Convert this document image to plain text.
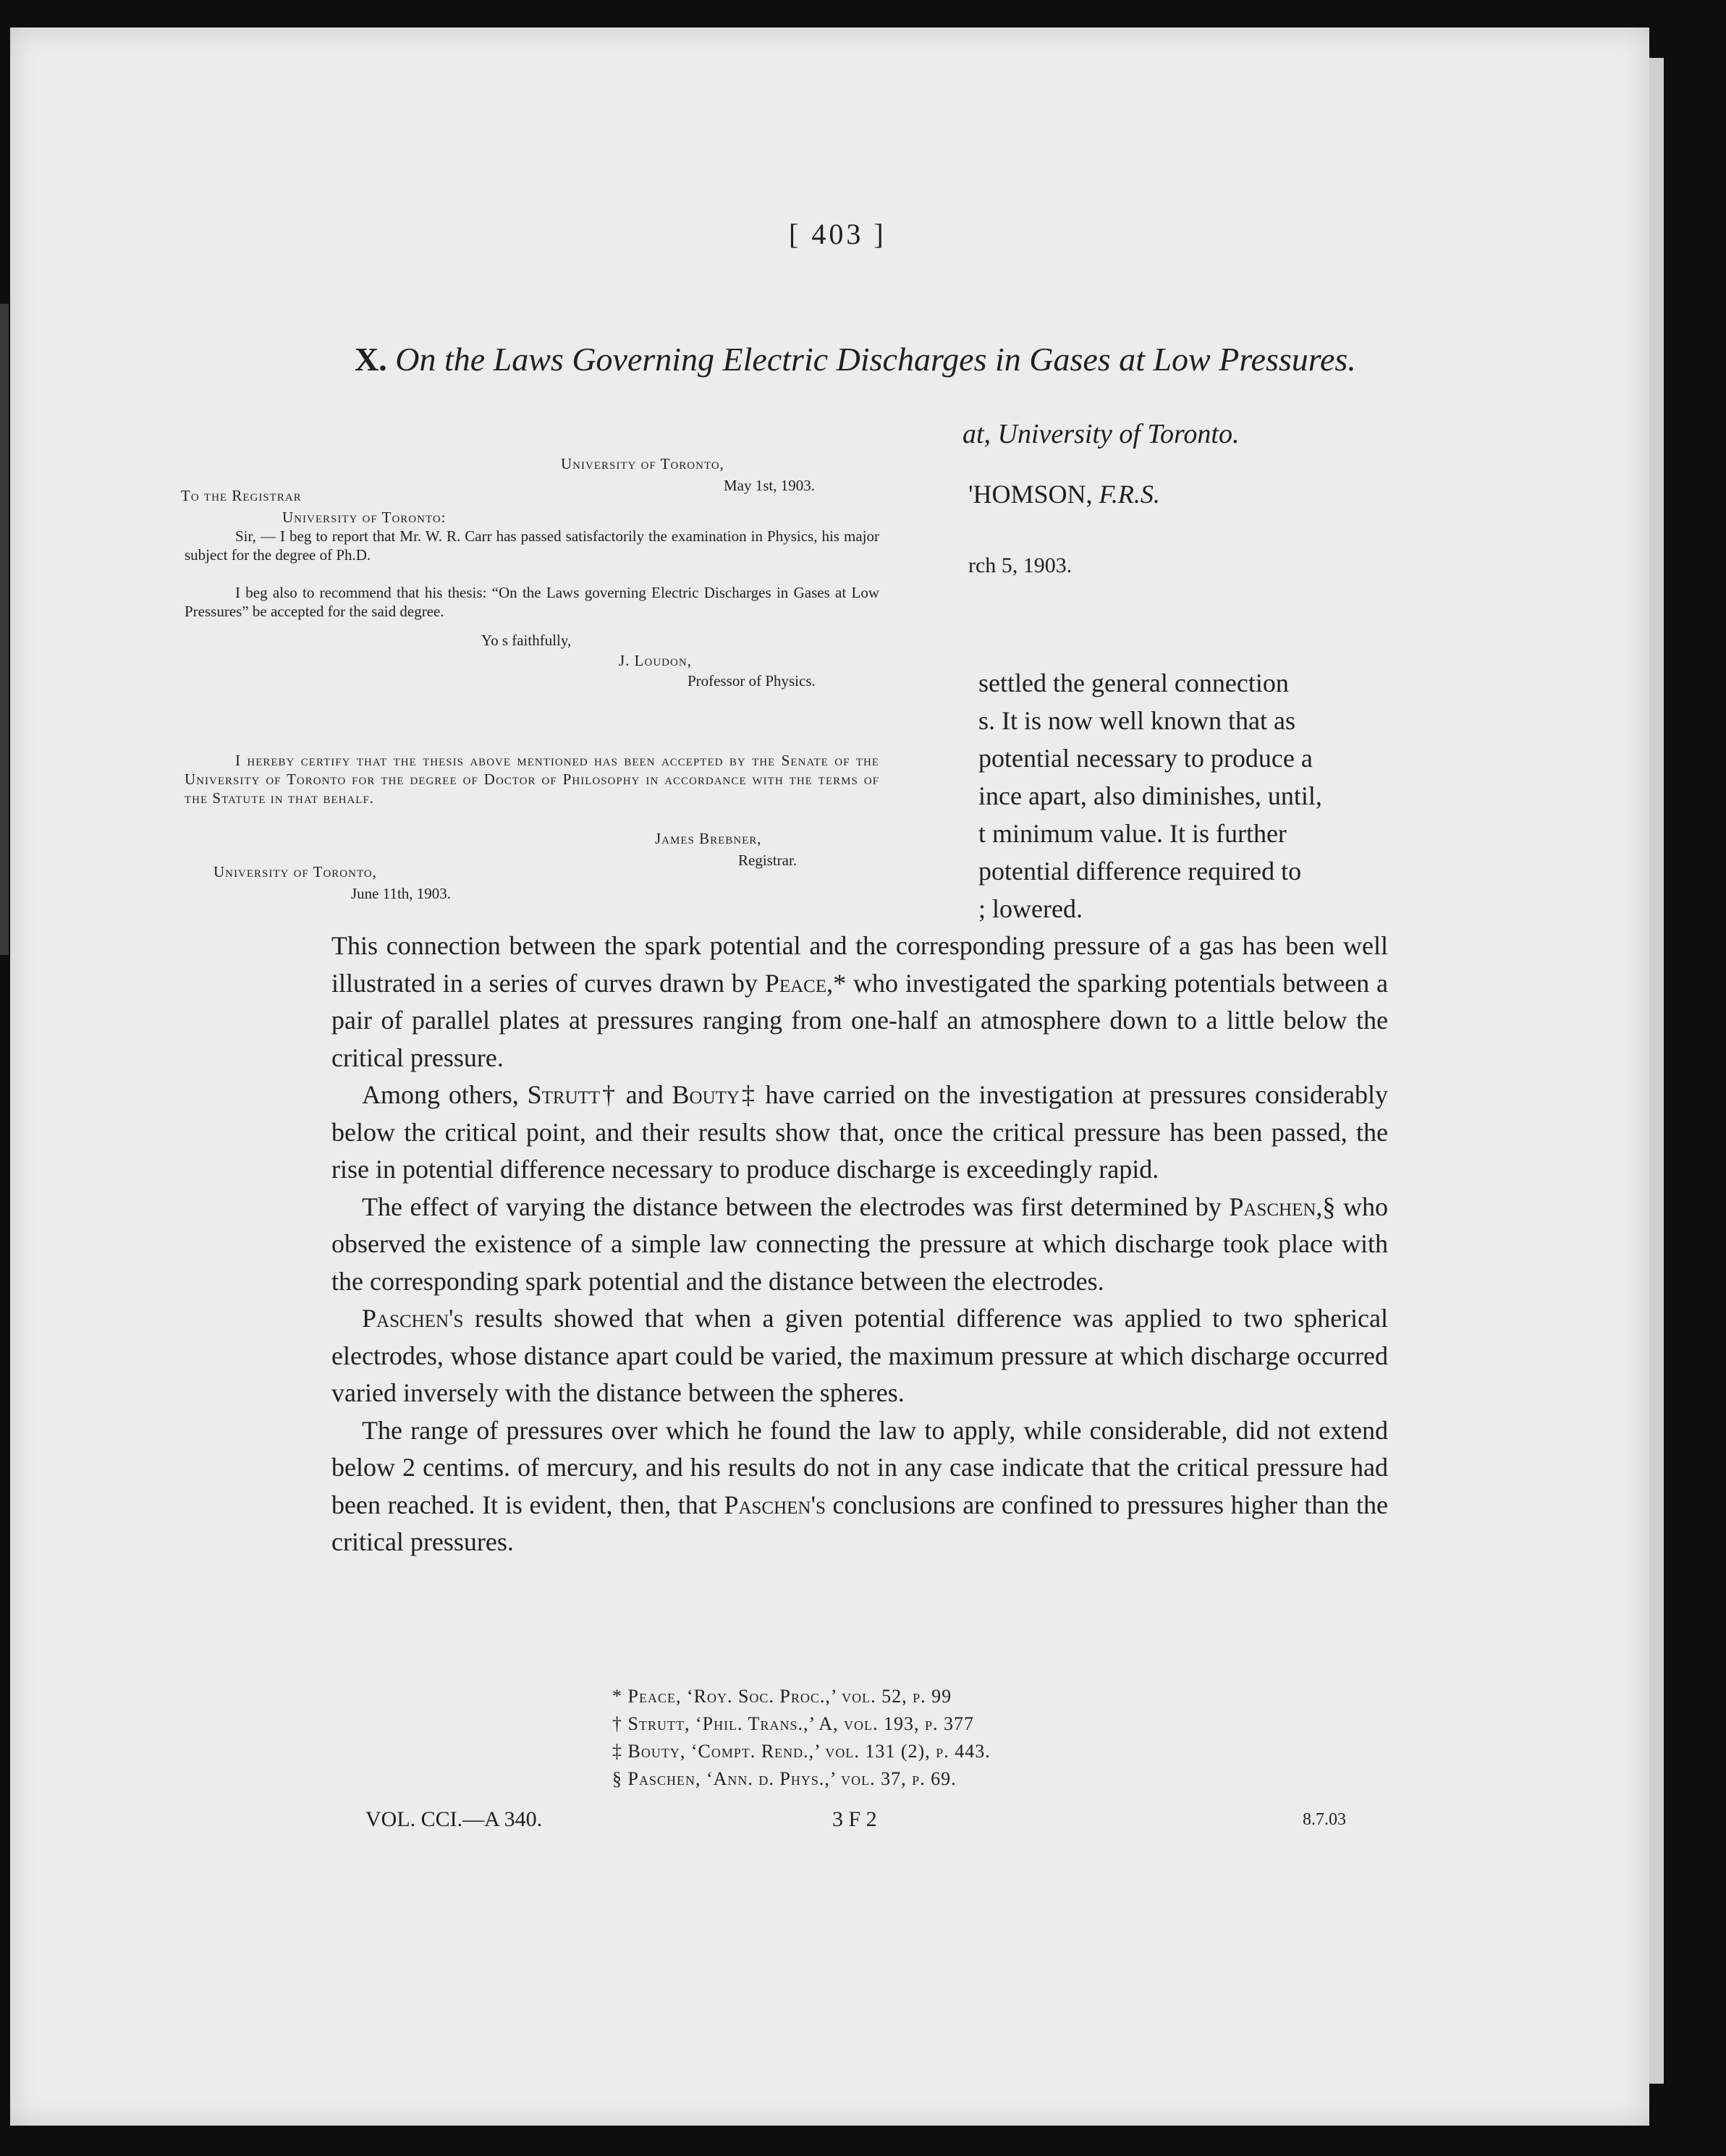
[ 403 ]
X. On the Laws Governing Electric Discharges in Gases at Low Pressures.
at, University of Toronto.
'HOMSON, F.R.S.
rch 5, 1903.
University of Toronto,
May 1st, 1903.
To the Registrar
University of Toronto:
Sir, — I beg to report that Mr. W. R. Carr has passed satisfactorily the examination in Physics, his major subject for the degree of Ph.D.
I beg also to recommend that his thesis: “On the Laws governing Electric Discharges in Gases at Low Pressures” be accepted for the said degree.
Yo s faithfully,
J. Loudon,
Professor of Physics.
I hereby certify that the thesis above mentioned has been accepted by the Senate of the University of Toronto for the degree of Doctor of Philosophy in accordance with the terms of the Statute in that behalf.
James Brebner,
Registrar.
University of Toronto,
June 11th, 1903.
settled the general connection
s. It is now well known that as
potential necessary to produce a
ince apart, also diminishes, until,
t minimum value. It is further
potential difference required to
; lowered.

This connection between the spark potential and the corresponding pressure of a gas has been well illustrated in a series of curves drawn by Peace,* who investigated the sparking potentials between a pair of parallel plates at pressures ranging from one-half an atmosphere down to a little below the critical pressure.

Among others, Strutt† and Bouty‡ have carried on the investigation at pressures considerably below the critical point, and their results show that, once the critical pressure has been passed, the rise in potential difference necessary to produce discharge is exceedingly rapid.

The effect of varying the distance between the electrodes was first determined by Paschen,§ who observed the existence of a simple law connecting the pressure at which discharge took place with the corresponding spark potential and the distance between the electrodes.

Paschen's results showed that when a given potential difference was applied to two spherical electrodes, whose distance apart could be varied, the maximum pressure at which discharge occurred varied inversely with the distance between the spheres.

The range of pressures over which he found the law to apply, while considerable, did not extend below 2 centims. of mercury, and his results do not in any case indicate that the critical pressure had been reached. It is evident, then, that Paschen's conclusions are confined to pressures higher than the critical pressures.

* Peace, ‘Roy. Soc. Proc.,’ vol. 52, p. 99
† Strutt, ‘Phil. Trans.,’ A, vol. 193, p. 377
‡ Bouty, ‘Compt. Rend.,’ vol. 131 (2), p. 443.
§ Paschen, ‘Ann. d. Phys.,’ vol. 37, p. 69.
VOL. CCI.—A 340.	3 F 2	8.7.03
